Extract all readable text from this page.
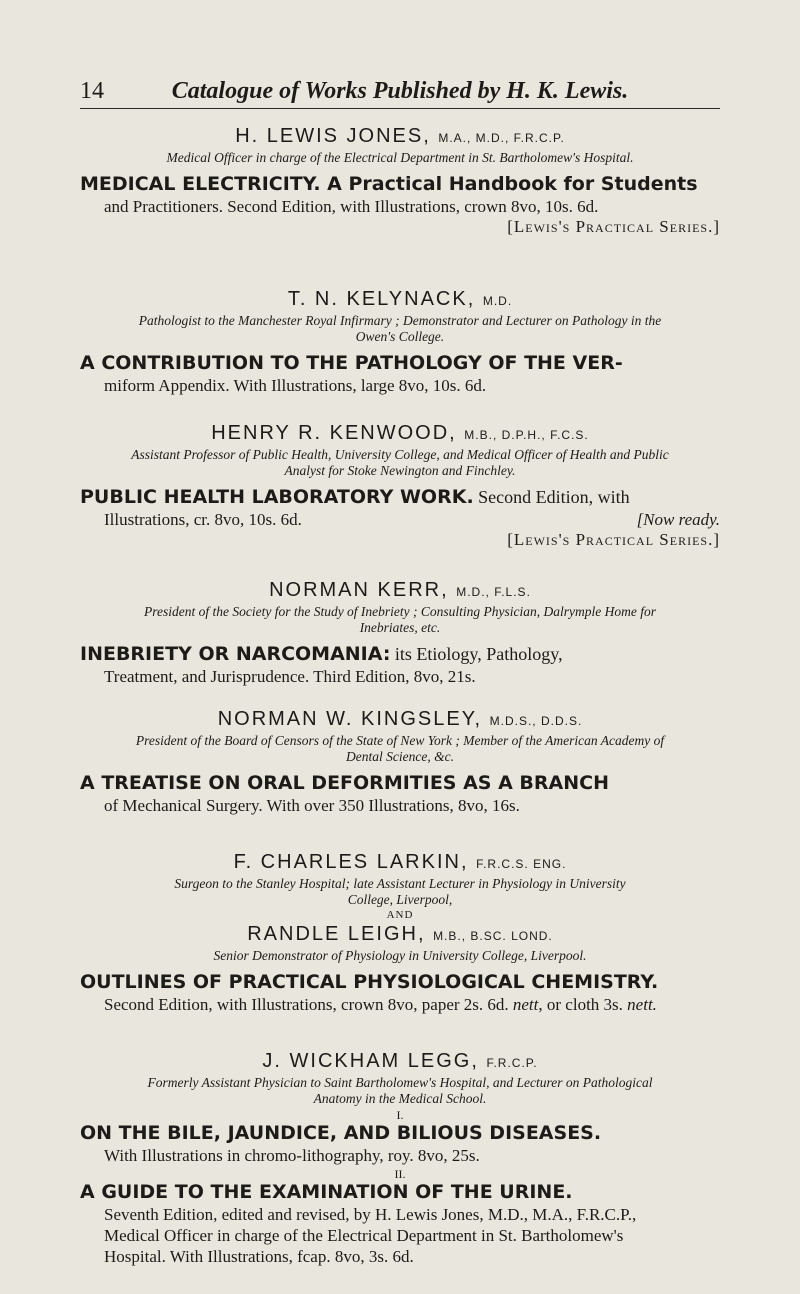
14	Catalogue of Works Published by H. K. Lewis.
H. LEWIS JONES, M.A., M.D., F.R.C.P.
Medical Officer in charge of the Electrical Department in St. Bartholomew's Hospital.
MEDICAL ELECTRICITY. A Practical Handbook for Students
and Practitioners. Second Edition, with Illustrations, crown 8vo, 10s. 6d.
[Lewis's Practical Series.]
T. N. KELYNACK, M.D.
Pathologist to the Manchester Royal Infirmary ; Demonstrator and Lecturer on Pathology in the
Owen's College.
A CONTRIBUTION TO THE PATHOLOGY OF THE VER-
miform Appendix. With Illustrations, large 8vo, 10s. 6d.
HENRY R. KENWOOD, M.B., D.P.H., F.C.S.
Assistant Professor of Public Health, University College, and Medical Officer of Health and Public
Analyst for Stoke Newington and Finchley.
PUBLIC HEALTH LABORATORY WORK. Second Edition, with
[Now ready.
Illustrations, cr. 8vo, 10s. 6d.
[Lewis's Practical Series.]
NORMAN KERR, M.D., F.L.S.
President of the Society for the Study of Inebriety ; Consulting Physician, Dalrymple Home for
Inebriates, etc.
INEBRIETY OR NARCOMANIA: its Etiology, Pathology,
Treatment, and Jurisprudence. Third Edition, 8vo, 21s.
NORMAN W. KINGSLEY, M.D.S., D.D.S.
President of the Board of Censors of the State of New York ; Member of the American Academy of
Dental Science, &c.
A TREATISE ON ORAL DEFORMITIES AS A BRANCH
of Mechanical Surgery. With over 350 Illustrations, 8vo, 16s.
F. CHARLES LARKIN, F.R.C.S. ENG.
Surgeon to the Stanley Hospital; late Assistant Lecturer in Physiology in University
College, Liverpool,
AND
RANDLE LEIGH, M.B., B.SC. LOND.
Senior Demonstrator of Physiology in University College, Liverpool.
OUTLINES OF PRACTICAL PHYSIOLOGICAL CHEMISTRY.
Second Edition, with Illustrations, crown 8vo, paper 2s. 6d. nett, or cloth 3s. nett.
J. WICKHAM LEGG, F.R.C.P.
Formerly Assistant Physician to Saint Bartholomew's Hospital, and Lecturer on Pathological
Anatomy in the Medical School.
I.
ON THE BILE, JAUNDICE, AND BILIOUS DISEASES.
With Illustrations in chromo-lithography, roy. 8vo, 25s.
II.
A GUIDE TO THE EXAMINATION OF THE URINE.
Seventh Edition, edited and revised, by H. Lewis Jones, M.D., M.A., F.R.C.P.,
Medical Officer in charge of the Electrical Department in St. Bartholomew's
Hospital. With Illustrations, fcap. 8vo, 3s. 6d.
